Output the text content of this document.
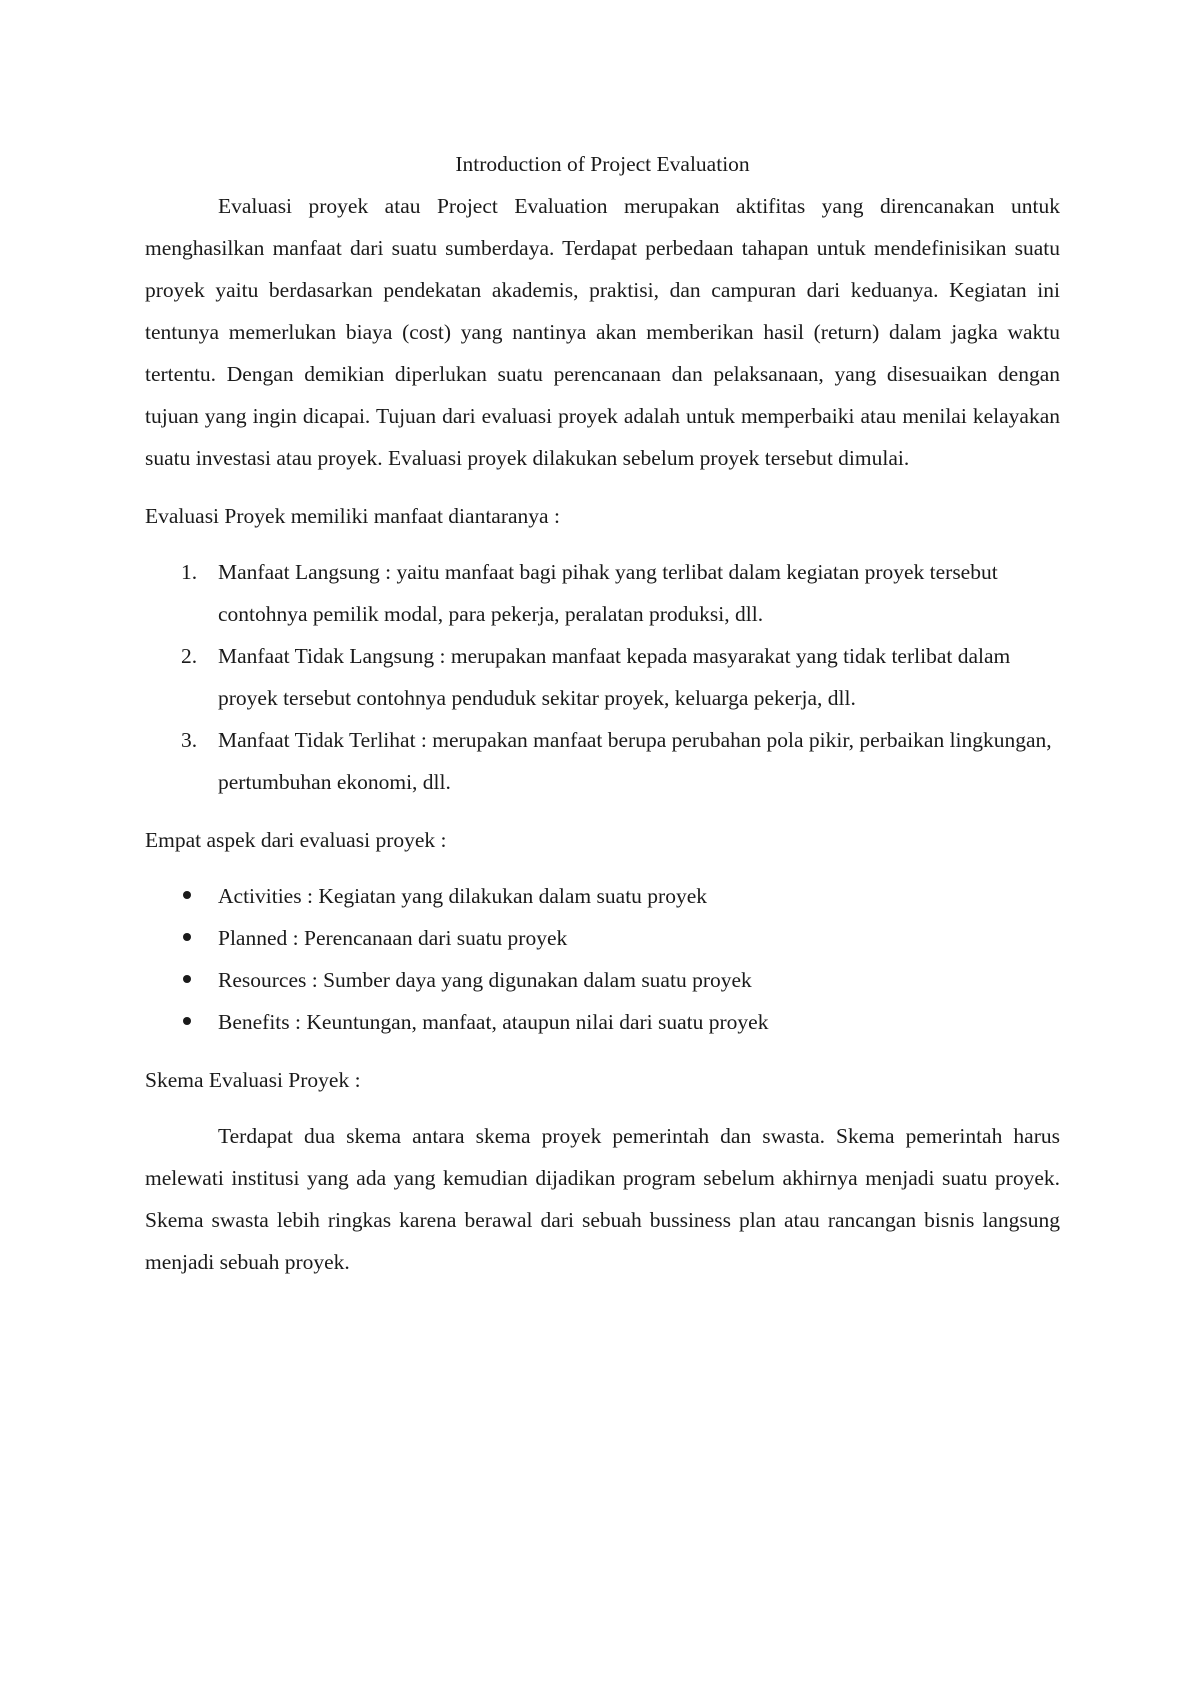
Introduction of Project Evaluation

Evaluasi proyek atau Project Evaluation merupakan aktifitas yang direncanakan untuk menghasilkan manfaat dari suatu sumberdaya. Terdapat perbedaan tahapan untuk mendefinisikan suatu proyek yaitu berdasarkan pendekatan akademis, praktisi, dan campuran dari keduanya. Kegiatan ini tentunya memerlukan biaya (cost) yang nantinya akan memberikan hasil (return) dalam jagka waktu tertentu. Dengan demikian diperlukan suatu perencanaan dan pelaksanaan, yang disesuaikan dengan tujuan yang ingin dicapai. Tujuan dari evaluasi proyek adalah untuk memperbaiki atau menilai kelayakan suatu investasi atau proyek. Evaluasi proyek dilakukan sebelum proyek tersebut dimulai.

Evaluasi Proyek memiliki manfaat diantaranya :

1. Manfaat Langsung : yaitu manfaat bagi pihak yang terlibat dalam kegiatan proyek tersebut contohnya pemilik modal, para pekerja, peralatan produksi, dll.
2. Manfaat Tidak Langsung : merupakan manfaat kepada masyarakat yang tidak terlibat dalam proyek tersebut contohnya penduduk sekitar proyek, keluarga pekerja, dll.
3. Manfaat Tidak Terlihat : merupakan manfaat berupa perubahan pola pikir, perbaikan lingkungan, pertumbuhan ekonomi, dll.

Empat aspek dari evaluasi proyek :

Activities : Kegiatan yang dilakukan dalam suatu proyek
Planned : Perencanaan dari suatu proyek
Resources : Sumber daya yang digunakan dalam suatu proyek
Benefits : Keuntungan, manfaat, ataupun nilai dari suatu proyek

Skema Evaluasi Proyek :

Terdapat dua skema antara skema proyek pemerintah dan swasta. Skema pemerintah harus melewati institusi yang ada yang kemudian dijadikan program sebelum akhirnya menjadi suatu proyek. Skema swasta lebih ringkas karena berawal dari sebuah bussiness plan atau rancangan bisnis langsung menjadi sebuah proyek.
